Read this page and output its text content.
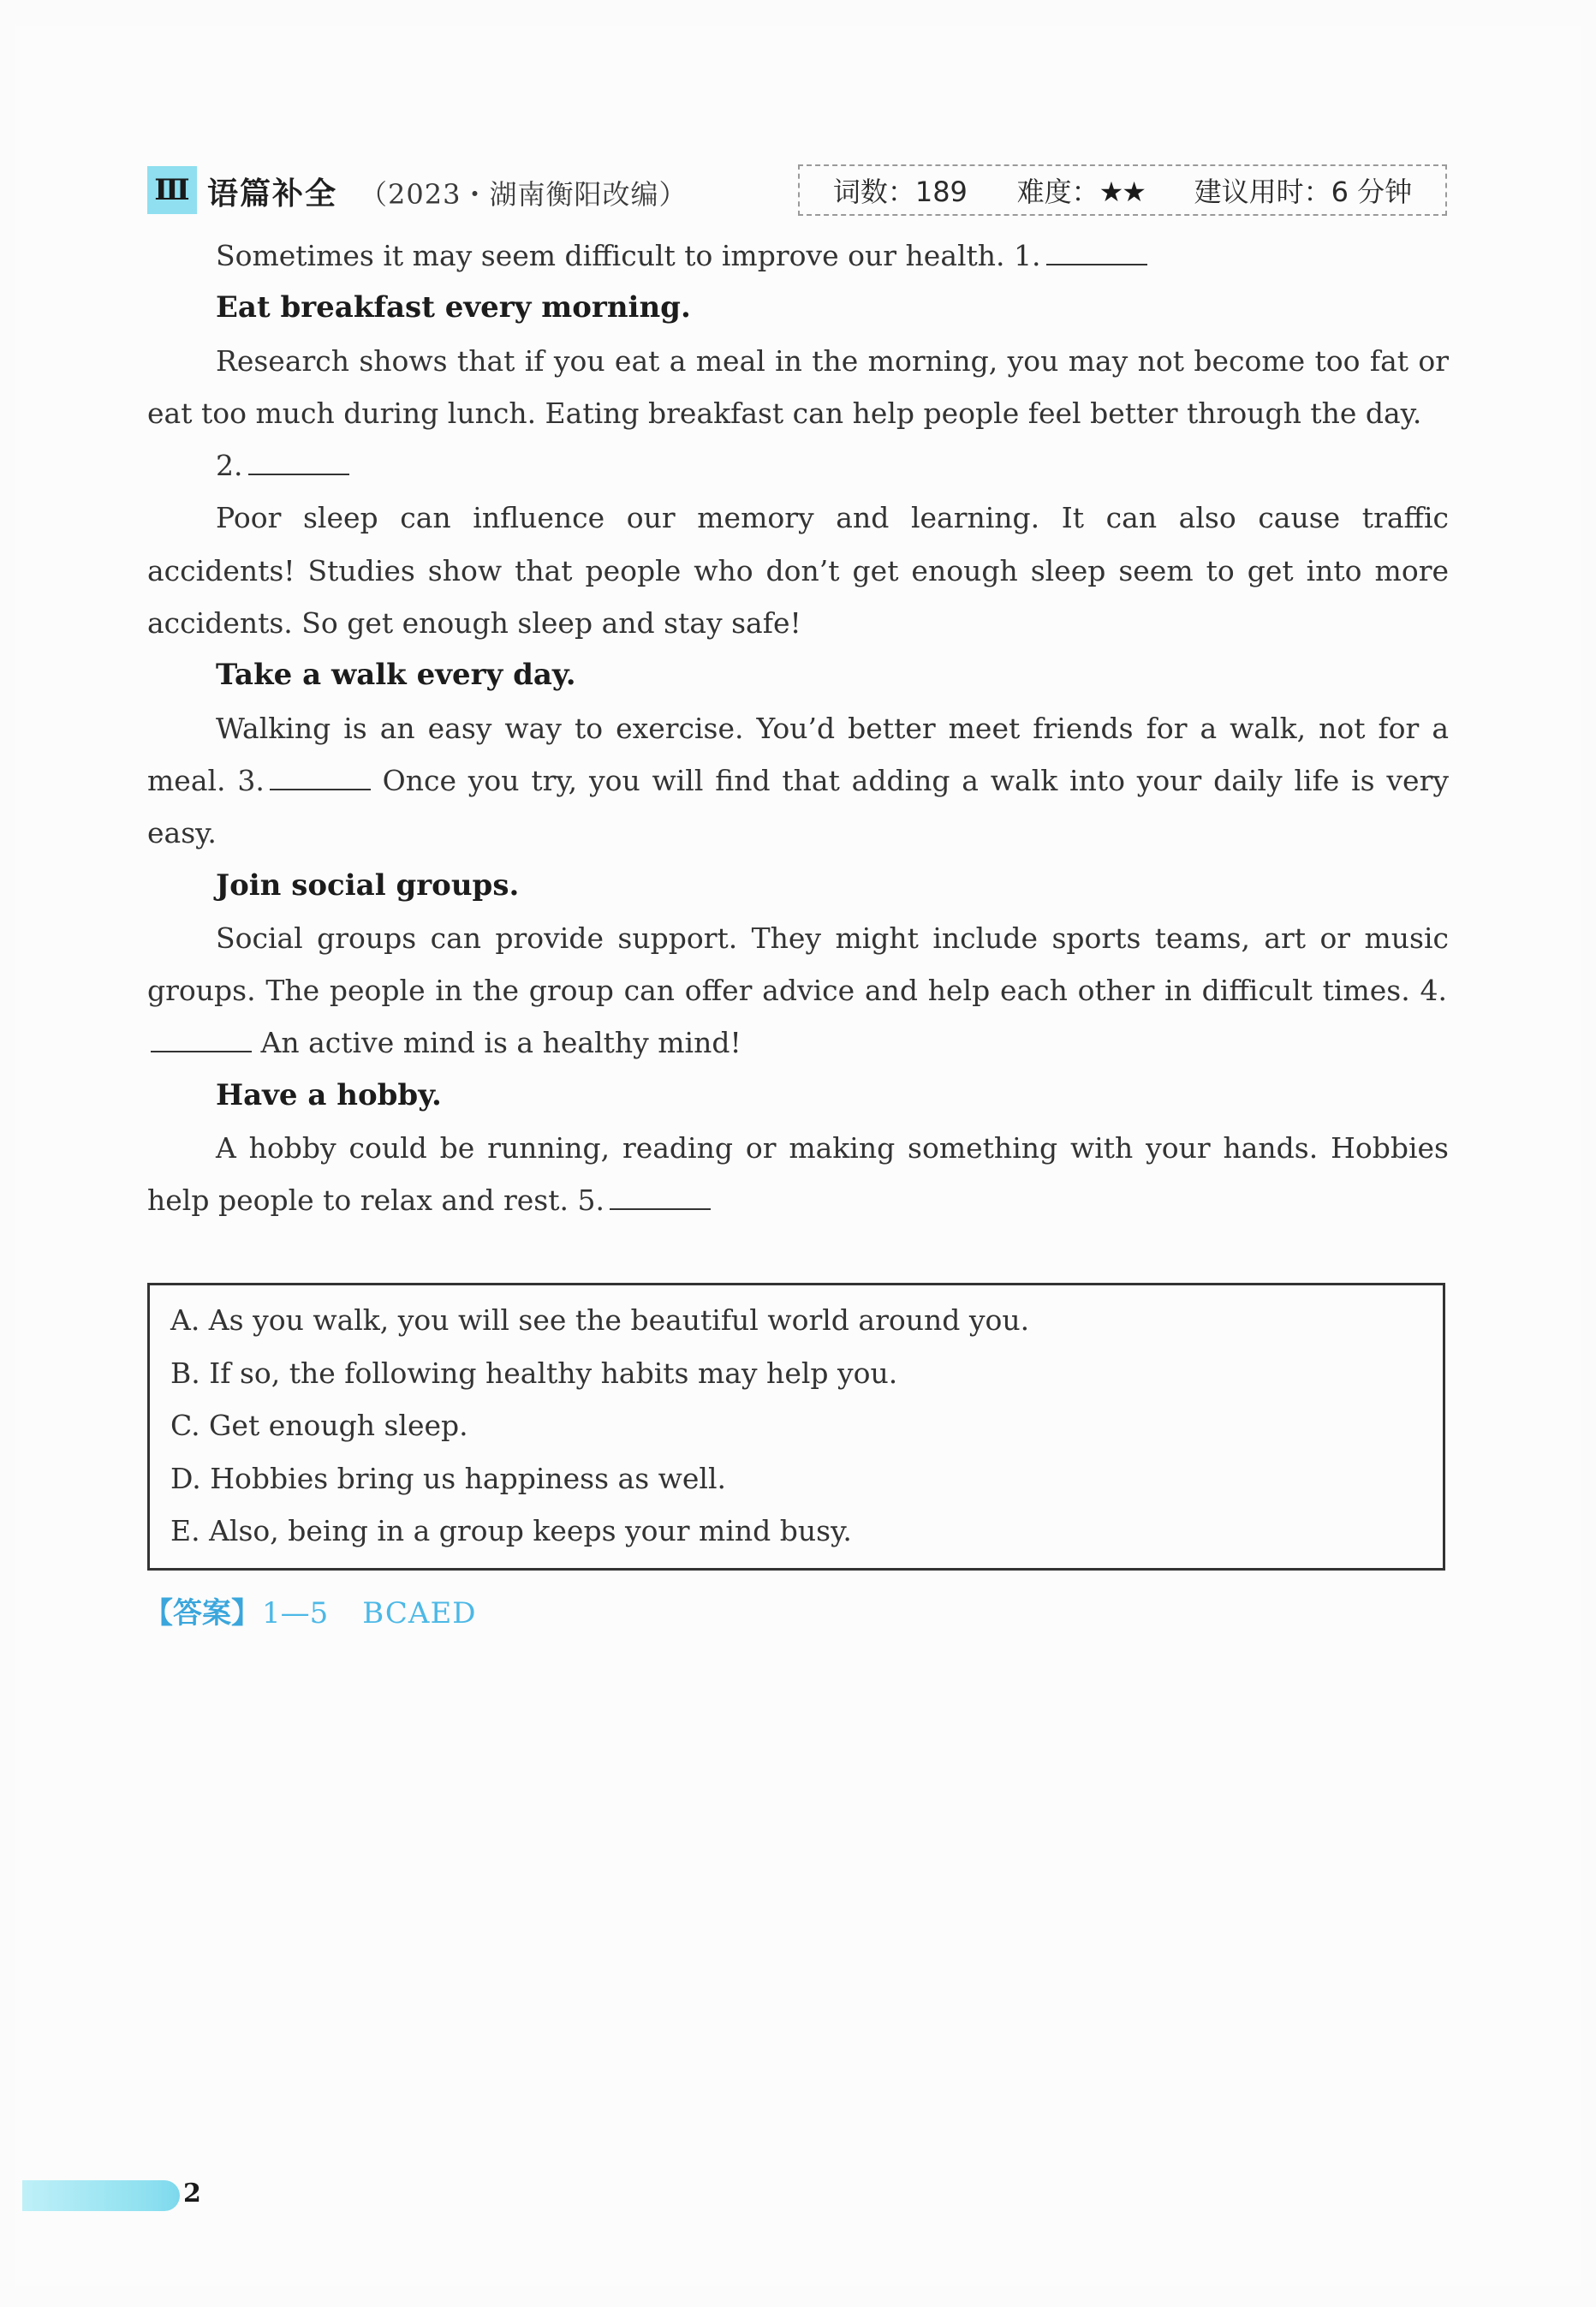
Ⅲ 语篇补全 （2023・湖南衡阳改编）	词数：189 难度：★★ 建议用时：6 分钟

Sometimes it may seem difficult to improve our health. 1.

Eat breakfast every morning.

Research shows that if you eat a meal in the morning, you may not become too fat or eat too much during lunch. Eating breakfast can help people feel better through the day.

2.

Poor sleep can influence our memory and learning. It can also cause traffic accidents! Studies show that people who don’t get enough sleep seem to get into more accidents. So get enough sleep and stay safe!

Take a walk every day.

Walking is an easy way to exercise. You’d better meet friends for a walk, not for a meal. 3.	Once you try, you will find that adding a walk into your daily life is very easy.

Join social groups.

Social groups can provide support. They might include sports teams, art or music groups. The people in the group can offer advice and help each other in difficult times. 4. An active mind is a healthy mind!

Have a hobby.

A hobby could be running, reading or making something with your hands. Hobbies help people to relax and rest. 5.

A. As you walk, you will see the beautiful world around you.

B. If so, the following healthy habits may help you.

C. Get enough sleep.

D. Hobbies bring us happiness as well.

E. Also, being in a group keeps your mind busy.

【答案】1—5 BCAED
2
